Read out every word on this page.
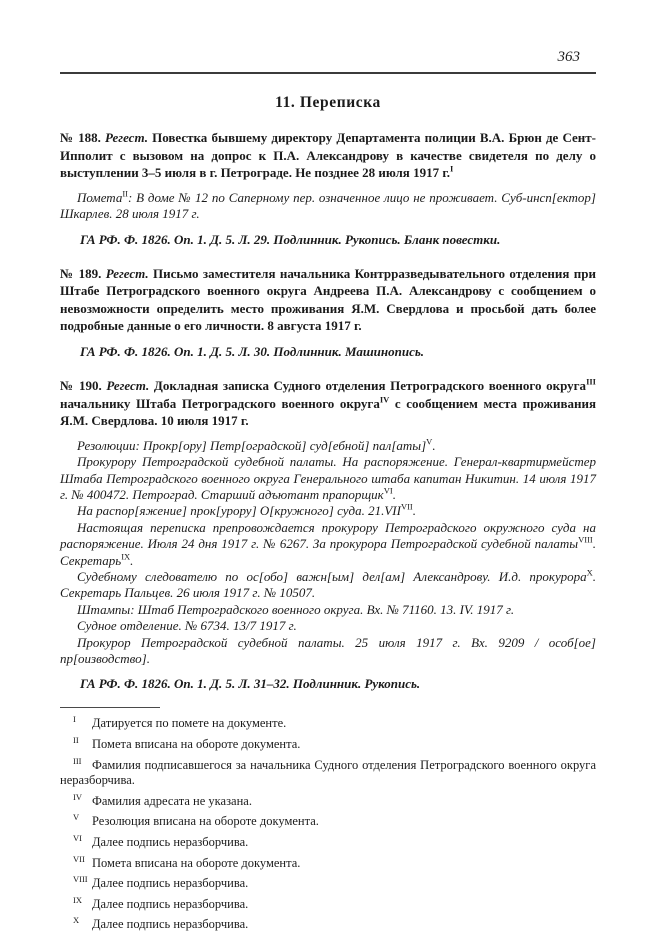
363
11. Переписка

№ 188. Регест. Повестка бывшему директору Департамента полиции В.А. Брюн де Сент-Ипполит с вызовом на допрос к П.А. Александрову в качестве свидетеля по делу о выступлении 3–5 июля в г. Петрограде. Не позднее 28 июля 1917 г.$^I$

Помета$^{II}$: В доме № 12 по Саперному пер. означенное лицо не проживает. Суб-инсп[ектор] Шкарлев. 28 июля 1917 г.

ГА РФ. Ф. 1826. Оп. 1. Д. 5. Л. 29. Подлинник. Рукопись. Бланк повестки.

№ 189. Регест. Письмо заместителя начальника Контрразведывательного отделения при Штабе Петроградского военного округа Андреева П.А. Александрову с сообщением о невозможности определить место проживания Я.М. Свердлова и просьбой дать более подробные данные о его личности. 8 августа 1917 г.

ГА РФ. Ф. 1826. Оп. 1. Д. 5. Л. 30. Подлинник. Машинопись.

№ 190. Регест. Докладная записка Судного отделения Петроградского военного округа$^{III}$ начальнику Штаба Петроградского военного округа$^{IV}$ с сообщением места проживания Я.М. Свердлова. 10 июля 1917 г.

Резолюции: Прокр[ору] Петр[оградской] суд[ебной] пал[аты]$^V$.

Прокурору Петроградской судебной палаты. На распоряжение. Генерал-квартирмейстер Штаба Петроградского военного округа Генерального штаба капитан Никитин. 14 июля 1917 г. № 400472. Петроград. Старший адъютант прапорщик$^{VI}$.

На распор[яжение] прок[урору] О[кружного] суда. $21.VII^{VII}$.

Настоящая переписка препровождается прокурору Петроградского окружного суда на распоряжение. Июля 24 дня 1917 г. № 6267. За прокурора Петроградской судебной палаты$^{VIII}$. Секретарь$^{IX}$.

Судебному следователю по ос[обо] важн[ым] дел[ам] Александрову. И.д. прокурора$^X$. Секретарь Пальцев. 26 июля 1917 г. № 10507.

Штампы: Штаб Петроградского военного округа. Вх. № 71160. 13. IV. 1917 г.

Судное отделение. № 6734. 13/7 1917 г.

Прокурор Петроградской судебной палаты. 25 июля 1917 г. Вх. 9209 / особ[ое] пр[оизводство].

ГА РФ. Ф. 1826. Оп. 1. Д. 5. Л. 31–32. Подлинник. Рукопись.

$^I$ Датируется по помете на документе.

$^{II}$ Помета вписана на обороте документа.

$^{III}$ Фамилия подписавшегося за начальника Судного отделения Петроградского военного округа неразборчива.

$^{IV}$ Фамилия адресата не указана.

$^V$ Резолюция вписана на обороте документа.

$^{VI}$ Далее подпись неразборчива.

$^{VII}$ Помета вписана на обороте документа.

$^{VIII}$ Далее подпись неразборчива.

$^{IX}$ Далее подпись неразборчива.

$^X$ Далее подпись неразборчива.
